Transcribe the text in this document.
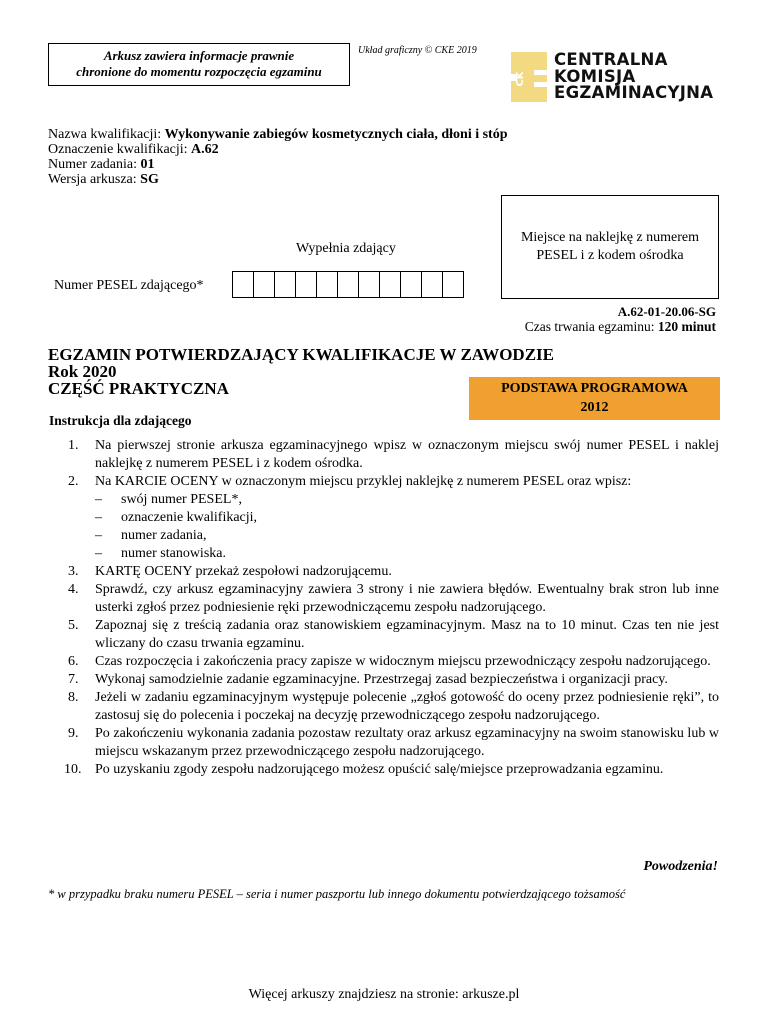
Arkusz zawiera informacje prawnie
chronione do momentu rozpoczęcia egzaminu
Układ graficzny © CKE 2019
CK
CENTRALNA
KOMISJA
EGZAMINACYJNA
Nazwa kwalifikacji: Wykonywanie zabiegów kosmetycznych ciała, dłoni i stóp
Oznaczenie kwalifikacji: A.62
Numer zadania: 01
Wersja arkusza: SG
Wypełnia zdający
Numer PESEL zdającego*
Miejsce na naklejkę z numerem
PESEL i z kodem ośrodka
A.62-01-20.06-SG
Czas trwania egzaminu: 120 minut
EGZAMIN POTWIERDZAJĄCY KWALIFIKACJE W ZAWODZIE
Rok 2020
CZĘŚĆ PRAKTYCZNA	PODSTAWA PROGRAMOWA
2012
Instrukcja dla zdającego
1. Na pierwszej stronie arkusza egzaminacyjnego wpisz w oznaczonym miejscu swój numer PESEL i naklej naklejkę z numerem PESEL i z kodem ośrodka.
2. Na KARCIE OCENY w oznaczonym miejscu przyklej naklejkę z numerem PESEL oraz wpisz:
– swój numer PESEL*,
– oznaczenie kwalifikacji,
– numer zadania,
– numer stanowiska.
3. KARTĘ OCENY przekaż zespołowi nadzorującemu.
4. Sprawdź, czy arkusz egzaminacyjny zawiera 3 strony i nie zawiera błędów. Ewentualny brak stron lub inne usterki zgłoś przez podniesienie ręki przewodniczącemu zespołu nadzorującego.
5. Zapoznaj się z treścią zadania oraz stanowiskiem egzaminacyjnym. Masz na to 10 minut. Czas ten nie jest wliczany do czasu trwania egzaminu.
6. Czas rozpoczęcia i zakończenia pracy zapisze w widocznym miejscu przewodniczący zespołu nadzorującego.
7. Wykonaj samodzielnie zadanie egzaminacyjne. Przestrzegaj zasad bezpieczeństwa i organizacji pracy.
8. Jeżeli w zadaniu egzaminacyjnym występuje polecenie „zgłoś gotowość do oceny przez podniesienie ręki”, to zastosuj się do polecenia i poczekaj na decyzję przewodniczącego zespołu nadzorującego.
9. Po zakończeniu wykonania zadania pozostaw rezultaty oraz arkusz egzaminacyjny na swoim stanowisku lub w miejscu wskazanym przez przewodniczącego zespołu nadzorującego.
10. Po uzyskaniu zgody zespołu nadzorującego możesz opuścić salę/miejsce przeprowadzania egzaminu.
Powodzenia!
* w przypadku braku numeru PESEL – seria i numer paszportu lub innego dokumentu potwierdzającego tożsamość
Więcej arkuszy znajdziesz na stronie: arkusze.pl
